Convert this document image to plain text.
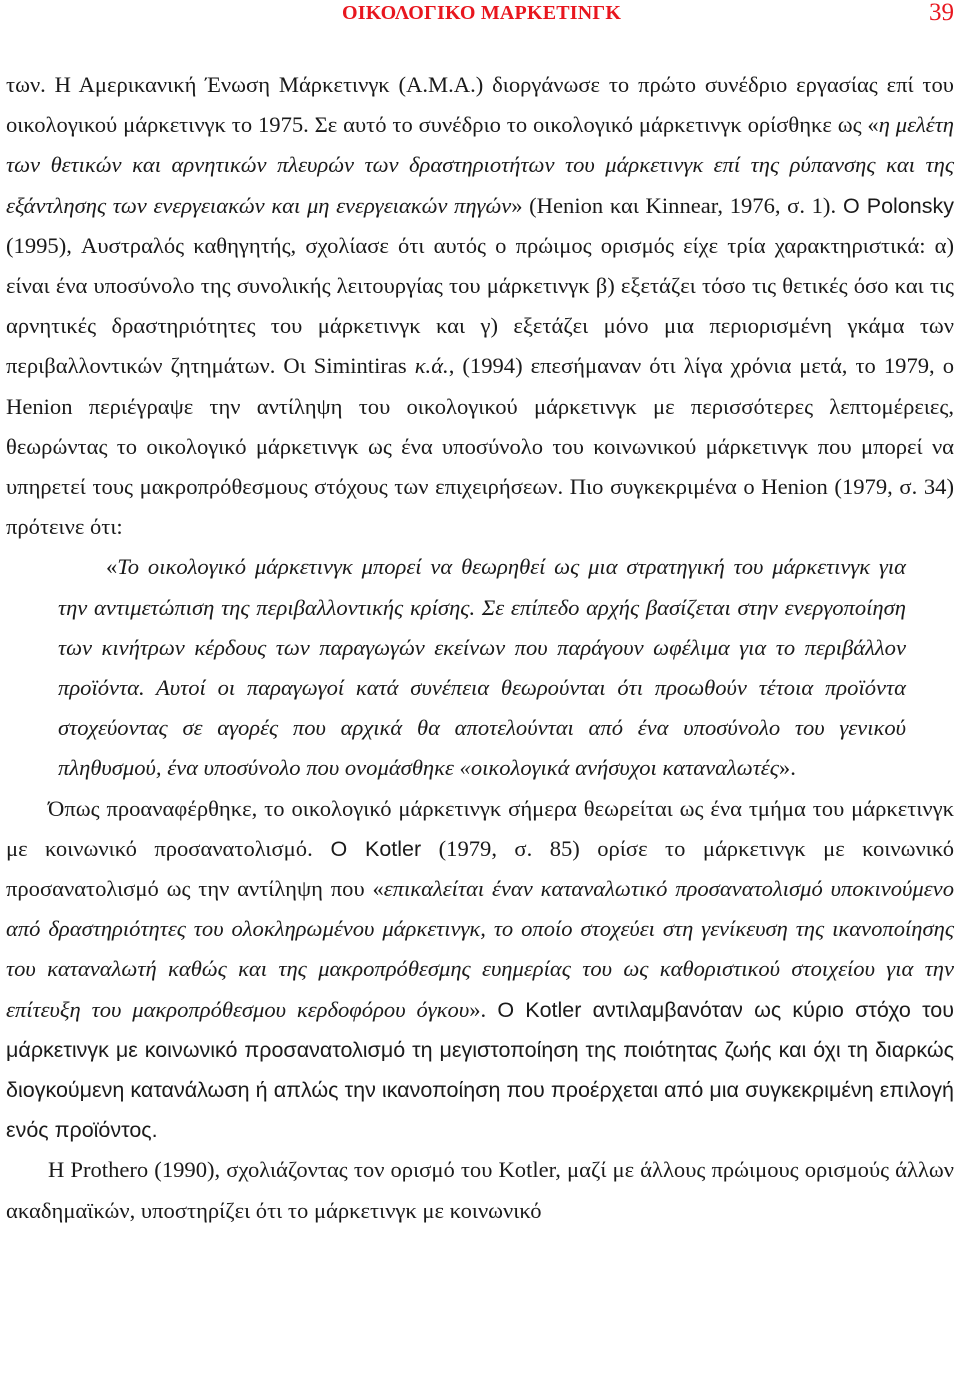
ΟΙΚΟΛΟΓΙΚΟ ΜΑΡΚΕΤΙΝΓΚ	39

των. Η Αμερικανική Ένωση Μάρκετινγκ (Α.Μ.Α.) διοργάνωσε το πρώτο συνέδριο εργασίας επί του οικολογικού μάρκετινγκ το 1975. Σε αυτό το συνέδριο το οικολογικό μάρκετινγκ ορίσθηκε ως «η μελέτη των θετικών και αρνητικών πλευρών των δραστηριοτήτων του μάρκετινγκ επί της ρύπανσης και της εξάντλησης των ενεργειακών και μη ενεργειακών πηγών» (Henion και Kinnear, 1976, σ. 1). Ο Polonsky (1995), Αυστραλός καθηγητής, σχολίασε ότι αυτός ο πρώιμος ορισμός είχε τρία χαρακτηριστικά: α) είναι ένα υποσύνολο της συνολικής λειτουργίας του μάρκετινγκ β) εξετάζει τόσο τις θετικές όσο και τις αρνητικές δραστηριότητες του μάρκετινγκ και γ) εξετάζει μόνο μια περιορισμένη γκάμα των περιβαλλοντικών ζητημάτων. Οι Simintiras κ.ά., (1994) επεσήμαναν ότι λίγα χρόνια μετά, το 1979, ο Henion περιέγραψε την αντίληψη του οικολογικού μάρκετινγκ με περισσότερες λεπτομέρειες, θεωρώντας το οικολογικό μάρκετινγκ ως ένα υποσύνολο του κοινωνικού μάρκετινγκ που μπορεί να υπηρετεί τους μακροπρόθεσμους στόχους των επιχειρήσεων. Πιο συγκεκριμένα ο Henion (1979, σ. 34) πρότεινε ότι:

«Το οικολογικό μάρκετινγκ μπορεί να θεωρηθεί ως μια στρατηγική του μάρκετινγκ για την αντιμετώπιση της περιβαλλοντικής κρίσης. Σε επίπεδο αρχής βασίζεται στην ενεργοποίηση των κινήτρων κέρδους των παραγωγών εκείνων που παράγουν ωφέλιμα για το περιβάλλον προϊόντα. Αυτοί οι παραγωγοί κατά συνέπεια θεωρούνται ότι προωθούν τέτοια προϊόντα στοχεύοντας σε αγορές που αρχικά θα αποτελούνται από ένα υποσύνολο του γενικού πληθυσμού, ένα υποσύνολο που ονομάσθηκε «οικολογικά ανήσυχοι καταναλωτές».

Όπως προαναφέρθηκε, το οικολογικό μάρκετινγκ σήμερα θεωρείται ως ένα τμήμα του μάρκετινγκ με κοινωνικό προσανατολισμό. Ο Kotler (1979, σ. 85) ορίσε το μάρκετινγκ με κοινωνικό προσανατολισμό ως την αντίληψη που «επικαλείται έναν καταναλωτικό προσανατολισμό υποκινούμενο από δραστηριότητες του ολοκληρωμένου μάρκετινγκ, το οποίο στοχεύει στη γενίκευση της ικανοποίησης του καταναλωτή καθώς και της μακροπρόθεσμης ευημερίας του ως καθοριστικού στοιχείου για την επίτευξη του μακροπρόθεσμου κερδοφόρου όγκου». Ο Kotler αντιλαμβανόταν ως κύριο στόχο του μάρκετινγκ με κοινωνικό προσανατολισμό τη μεγιστοποίηση της ποιότητας ζωής και όχι τη διαρκώς διογκούμενη κατανάλωση ή απλώς την ικανοποίηση που προέρχεται από μια συγκεκριμένη επιλογή ενός προϊόντος.

Η Prothero (1990), σχολιάζοντας τον ορισμό του Kotler, μαζί με άλλους πρώιμους ορισμούς άλλων ακαδημαϊκών, υποστηρίζει ότι το μάρκετινγκ με κοινωνικό
